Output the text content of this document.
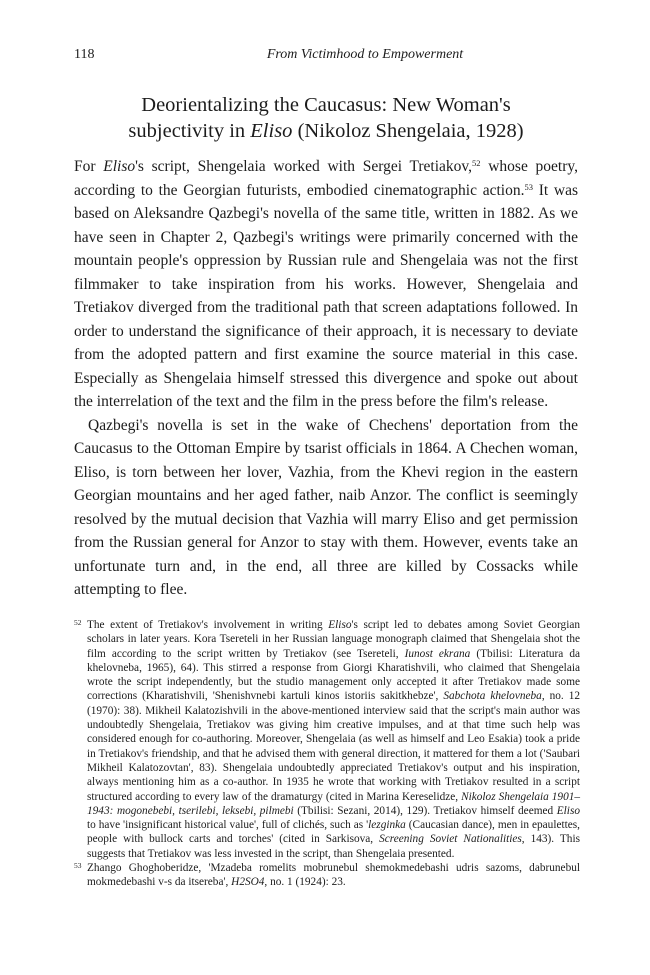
118	From Victimhood to Empowerment
Deorientalizing the Caucasus: New Woman's
subjectivity in Eliso (Nikoloz Shengelaia, 1928)

For Eliso's script, Shengelaia worked with Sergei Tretiakov,$^{52}$ whose poetry, according to the Georgian futurists, embodied cinematographic action.$^{53}$ It was based on Aleksandre Qazbegi's novella of the same title, written in 1882. As we have seen in Chapter 2, Qazbegi's writings were primarily concerned with the mountain people's oppression by Russian rule and Shengelaia was not the first filmmaker to take inspiration from his works. However, Shengelaia and Tretiakov diverged from the traditional path that screen adaptations followed. In order to understand the significance of their approach, it is necessary to deviate from the adopted pattern and first examine the source material in this case. Especially as Shengelaia himself stressed this divergence and spoke out about the interrelation of the text and the film in the press before the film's release.

Qazbegi's novella is set in the wake of Chechens' deportation from the Caucasus to the Ottoman Empire by tsarist officials in 1864. A Chechen woman, Eliso, is torn between her lover, Vazhia, from the Khevi region in the eastern Georgian mountains and her aged father, naib Anzor. The conflict is seemingly resolved by the mutual decision that Vazhia will marry Eliso and get permission from the Russian general for Anzor to stay with them. However, events take an unfortunate turn and, in the end, all three are killed by Cossacks while attempting to flee.

52 The extent of Tretiakov's involvement in writing Eliso's script led to debates among Soviet Georgian scholars in later years. Kora Tsereteli in her Russian language monograph claimed that Shengelaia shot the film according to the script written by Tretiakov (see Tsereteli, Iunost ekrana (Tbilisi: Literatura da khelovneba, 1965), 64). This stirred a response from Giorgi Kharatishvili, who claimed that Shengelaia wrote the script independently, but the studio management only accepted it after Tretiakov made some corrections (Kharatishvili, 'Shenishvnebi kartuli kinos istoriis sakitkhebze', Sabchota khelovneba, no. 12 (1970): 38). Mikheil Kalatozishvili in the above-mentioned interview said that the script's main author was undoubtedly Shengelaia, Tretiakov was giving him creative impulses, and at that time such help was considered enough for co-authoring. Moreover, Shengelaia (as well as himself and Leo Esakia) took a pride in Tretiakov's friendship, and that he advised them with general direction, it mattered for them a lot ('Saubari Mikheil Kalatozovtan', 83). Shengelaia undoubtedly appreciated Tretiakov's output and his inspiration, always mentioning him as a co-author. In 1935 he wrote that working with Tretiakov resulted in a script structured according to every law of the dramaturgy (cited in Marina Kereselidze, Nikoloz Shengelaia 1901–1943: mogonebebi, tserilebi, leksebi, pilmebi (Tbilisi: Sezani, 2014), 129). Tretiakov himself deemed Eliso to have 'insignificant historical value', full of clichés, such as 'lezginka (Caucasian dance), men in epaulettes, people with bullock carts and torches' (cited in Sarkisova, Screening Soviet Nationalities, 143). This suggests that Tretiakov was less invested in the script, than Shengelaia presented.

53 Zhango Ghoghoberidze, 'Mzadeba romelits mobrunebul shemokmedebashi udris sazoms, dabrunebul mokmedebashi v-s da itsereba', H2SO4, no. 1 (1924): 23.
